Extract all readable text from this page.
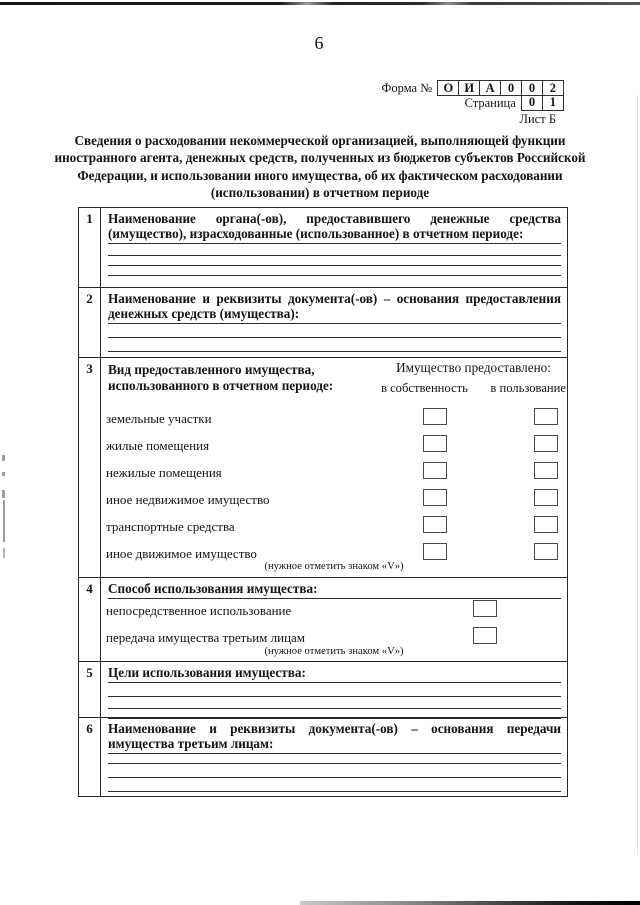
6
Форма № О И А	0	0	2
Страница	0	1
Лист Б
Сведения о расходовании некоммерческой организацией, выполняющей функции иностранного агента, денежных средств, полученных из бюджетов субъектов Российской Федерации, и использовании иного имущества, об их фактическом расходовании (использовании) в отчетном периоде
1	Наименование органа(-ов), предоставившего денежные средства (имущество), израсходованные (использованное) в отчетном периоде:
2	Наименование и реквизиты документа(-ов) – основания предоставления денежных средств (имущества):
3	Вид предоставленного имущества, использованного в отчетном периоде:
Имущество предоставлено:
в собственность в пользование
земельные участки
жилые помещения
нежилые помещения
иное недвижимое имущество
транспортные средства
иное движимое имущество
(нужное отметить знаком «V»)
4	Способ использования имущества:
непосредственное использование
передача имущества третьим лицам
(нужное отметить знаком «V»)
5	Цели использования имущества:
6	Наименование и реквизиты документа(-ов) – основания передачи имущества третьим лицам:
